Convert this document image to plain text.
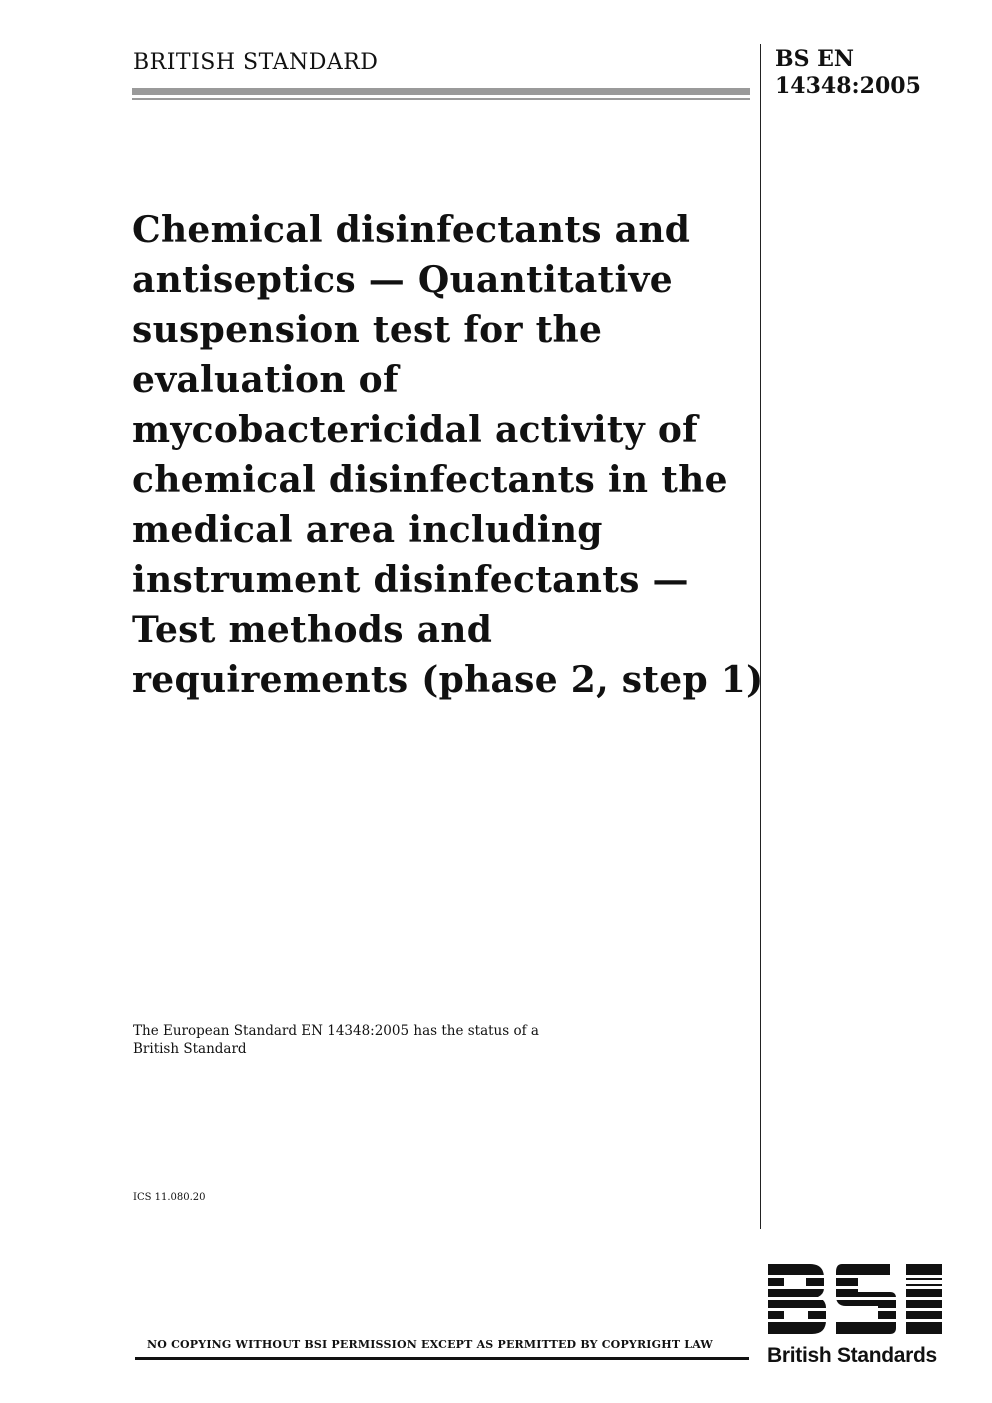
BRITISH STANDARD	BS EN
14348:2005
Chemical disinfectants and
antiseptics — Quantitative
suspension test for the
evaluation of
mycobactericidal activity of
chemical disinfectants in the
medical area including
instrument disinfectants —
Test methods and
requirements (phase 2, step 1)
The European Standard EN 14348:2005 has the status of a
British Standard
ICS 11.080.20
NO COPYING WITHOUT BSI PERMISSION EXCEPT AS PERMITTED BY COPYRIGHT LAW	British Standards
